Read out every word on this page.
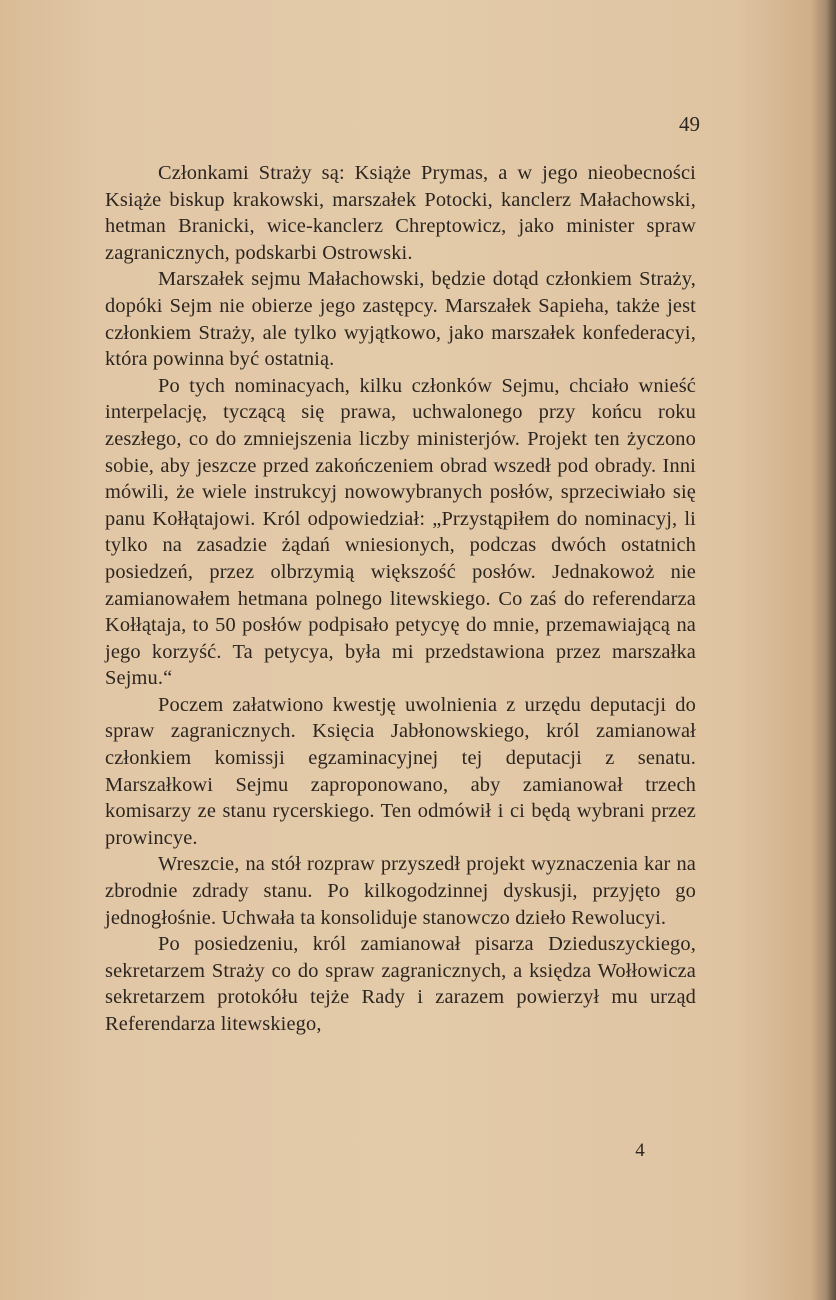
49

Członkami Straży są: Książe Prymas, a w jego nieobecności Książe biskup krakowski, marszałek Potocki, kanclerz Małachowski, hetman Branicki, wice-kanclerz Chreptowicz, jako minister spraw zagranicznych, podskarbi Ostrowski.

Marszałek sejmu Małachowski, będzie dotąd członkiem Straży, dopóki Sejm nie obierze jego zastępcy. Marszałek Sapieha, także jest członkiem Straży, ale tylko wyjątkowo, jako marszałek konfederacyi, która powinna być ostatnią.

Po tych nominacyach, kilku członków Sejmu, chciało wnieść interpelację, tyczącą się prawa, uchwalonego przy końcu roku zeszłego, co do zmniejszenia liczby ministerjów. Projekt ten życzono sobie, aby jeszcze przed zakończeniem obrad wszedł pod obrady. Inni mówili, że wiele instrukcyj nowowybranych posłów, sprzeciwiało się panu Kołłątajowi. Król odpowiedział: „Przystąpiłem do nominacyj, li tylko na zasadzie żądań wniesionych, podczas dwóch ostatnich posiedzeń, przez olbrzymią większość posłów. Jednakowoż nie zamianowałem hetmana polnego litewskiego. Co zaś do referendarza Kołłątaja, to 50 posłów podpisało petycyę do mnie, przemawiającą na jego korzyść. Ta petycya, była mi przedstawiona przez marszałka Sejmu.“

Poczem załatwiono kwestję uwolnienia z urzędu deputacji do spraw zagranicznych. Księcia Jabłonowskiego, król zamianował członkiem komissji egzaminacyjnej tej deputacji z senatu. Marszałkowi Sejmu zaproponowano, aby zamianował trzech komisarzy ze stanu rycerskiego. Ten odmówił i ci będą wybrani przez prowincye.

Wreszcie, na stół rozpraw przyszedł projekt wyznaczenia kar na zbrodnie zdrady stanu. Po kilkogodzinnej dyskusji, przyjęto go jednogłośnie. Uchwała ta konsoliduje stanowczo dzieło Rewolucyi.

Po posiedzeniu, król zamianował pisarza Dzieduszyckiego, sekretarzem Straży co do spraw zagranicznych, a księdza Wołłowicza sekretarzem protokółu tejże Rady i zarazem powierzył mu urząd Referendarza litewskiego,

4
